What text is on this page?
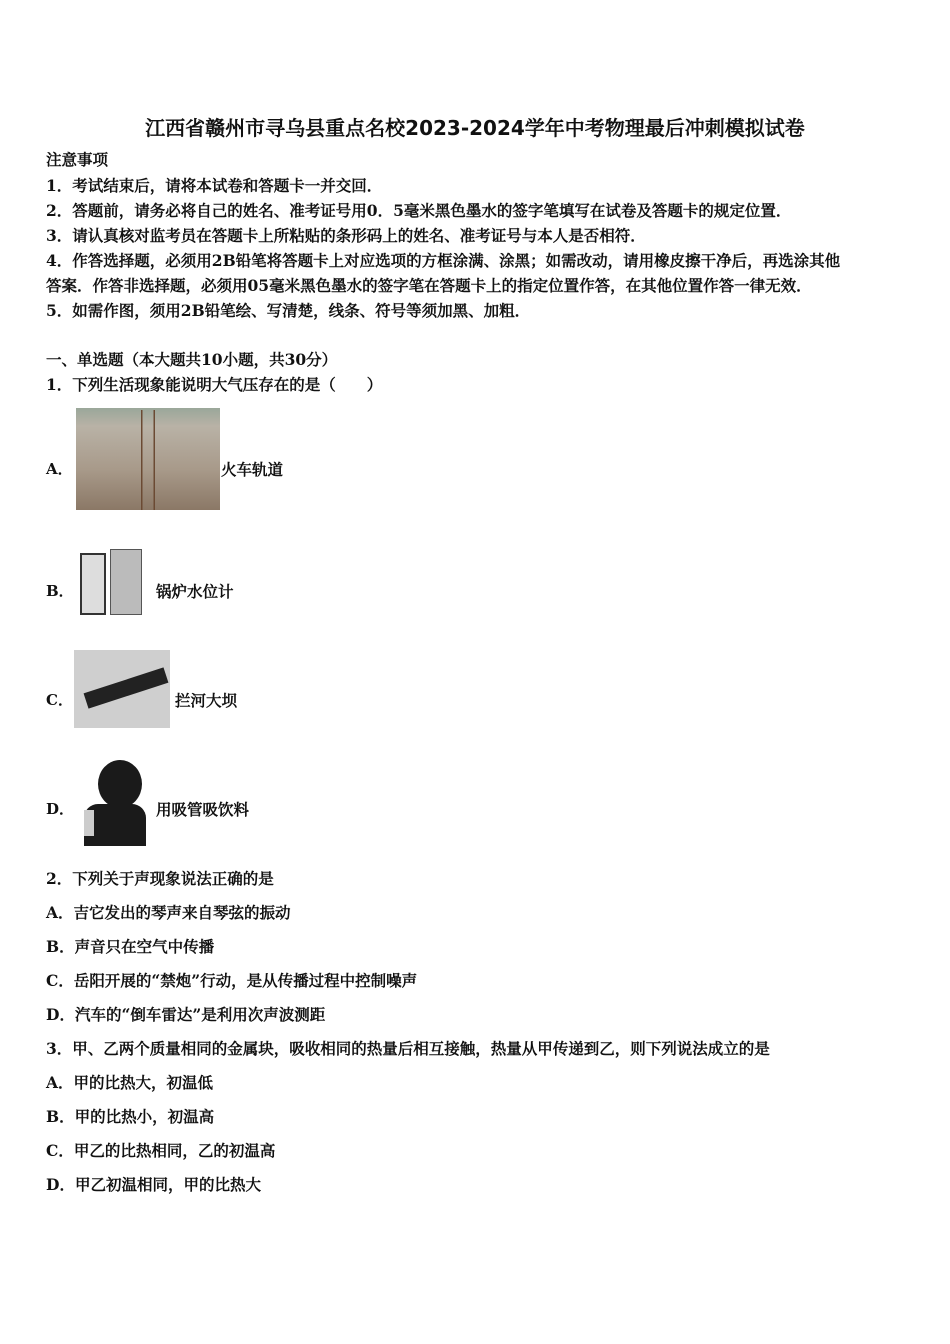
江西省赣州市寻乌县重点名校2023-2024学年中考物理最后冲刺模拟试卷
注意事项
1．考试结束后，请将本试卷和答题卡一并交回．
2．答题前，请务必将自己的姓名、准考证号用0．5毫米黑色墨水的签字笔填写在试卷及答题卡的规定位置．
3．请认真核对监考员在答题卡上所粘贴的条形码上的姓名、准考证号与本人是否相符．
4．作答选择题，必须用2B铅笔将答题卡上对应选项的方框涂满、涂黑；如需改动，请用橡皮擦干净后，再选涂其他
答案．作答非选择题，必须用05毫米黑色墨水的签字笔在答题卡上的指定位置作答，在其他位置作答一律无效．
5．如需作图，须用2B铅笔绘、写清楚，线条、符号等须加黑、加粗．
一、单选题（本大题共10小题，共30分）
1．下列生活现象能说明大气压存在的是（　　）
A．	火车轨道
B．	锅炉水位计
C．	拦河大坝
D．	用吸管吸饮料
2．下列关于声现象说法正确的是
A．吉它发出的琴声来自琴弦的振动
B．声音只在空气中传播
C．岳阳开展的“禁炮”行动，是从传播过程中控制噪声
D．汽车的“倒车雷达”是利用次声波测距
3．甲、乙两个质量相同的金属块，吸收相同的热量后相互接触，热量从甲传递到乙，则下列说法成立的是
A．甲的比热大，初温低
B．甲的比热小，初温高
C．甲乙的比热相同，乙的初温高
D．甲乙初温相同，甲的比热大
